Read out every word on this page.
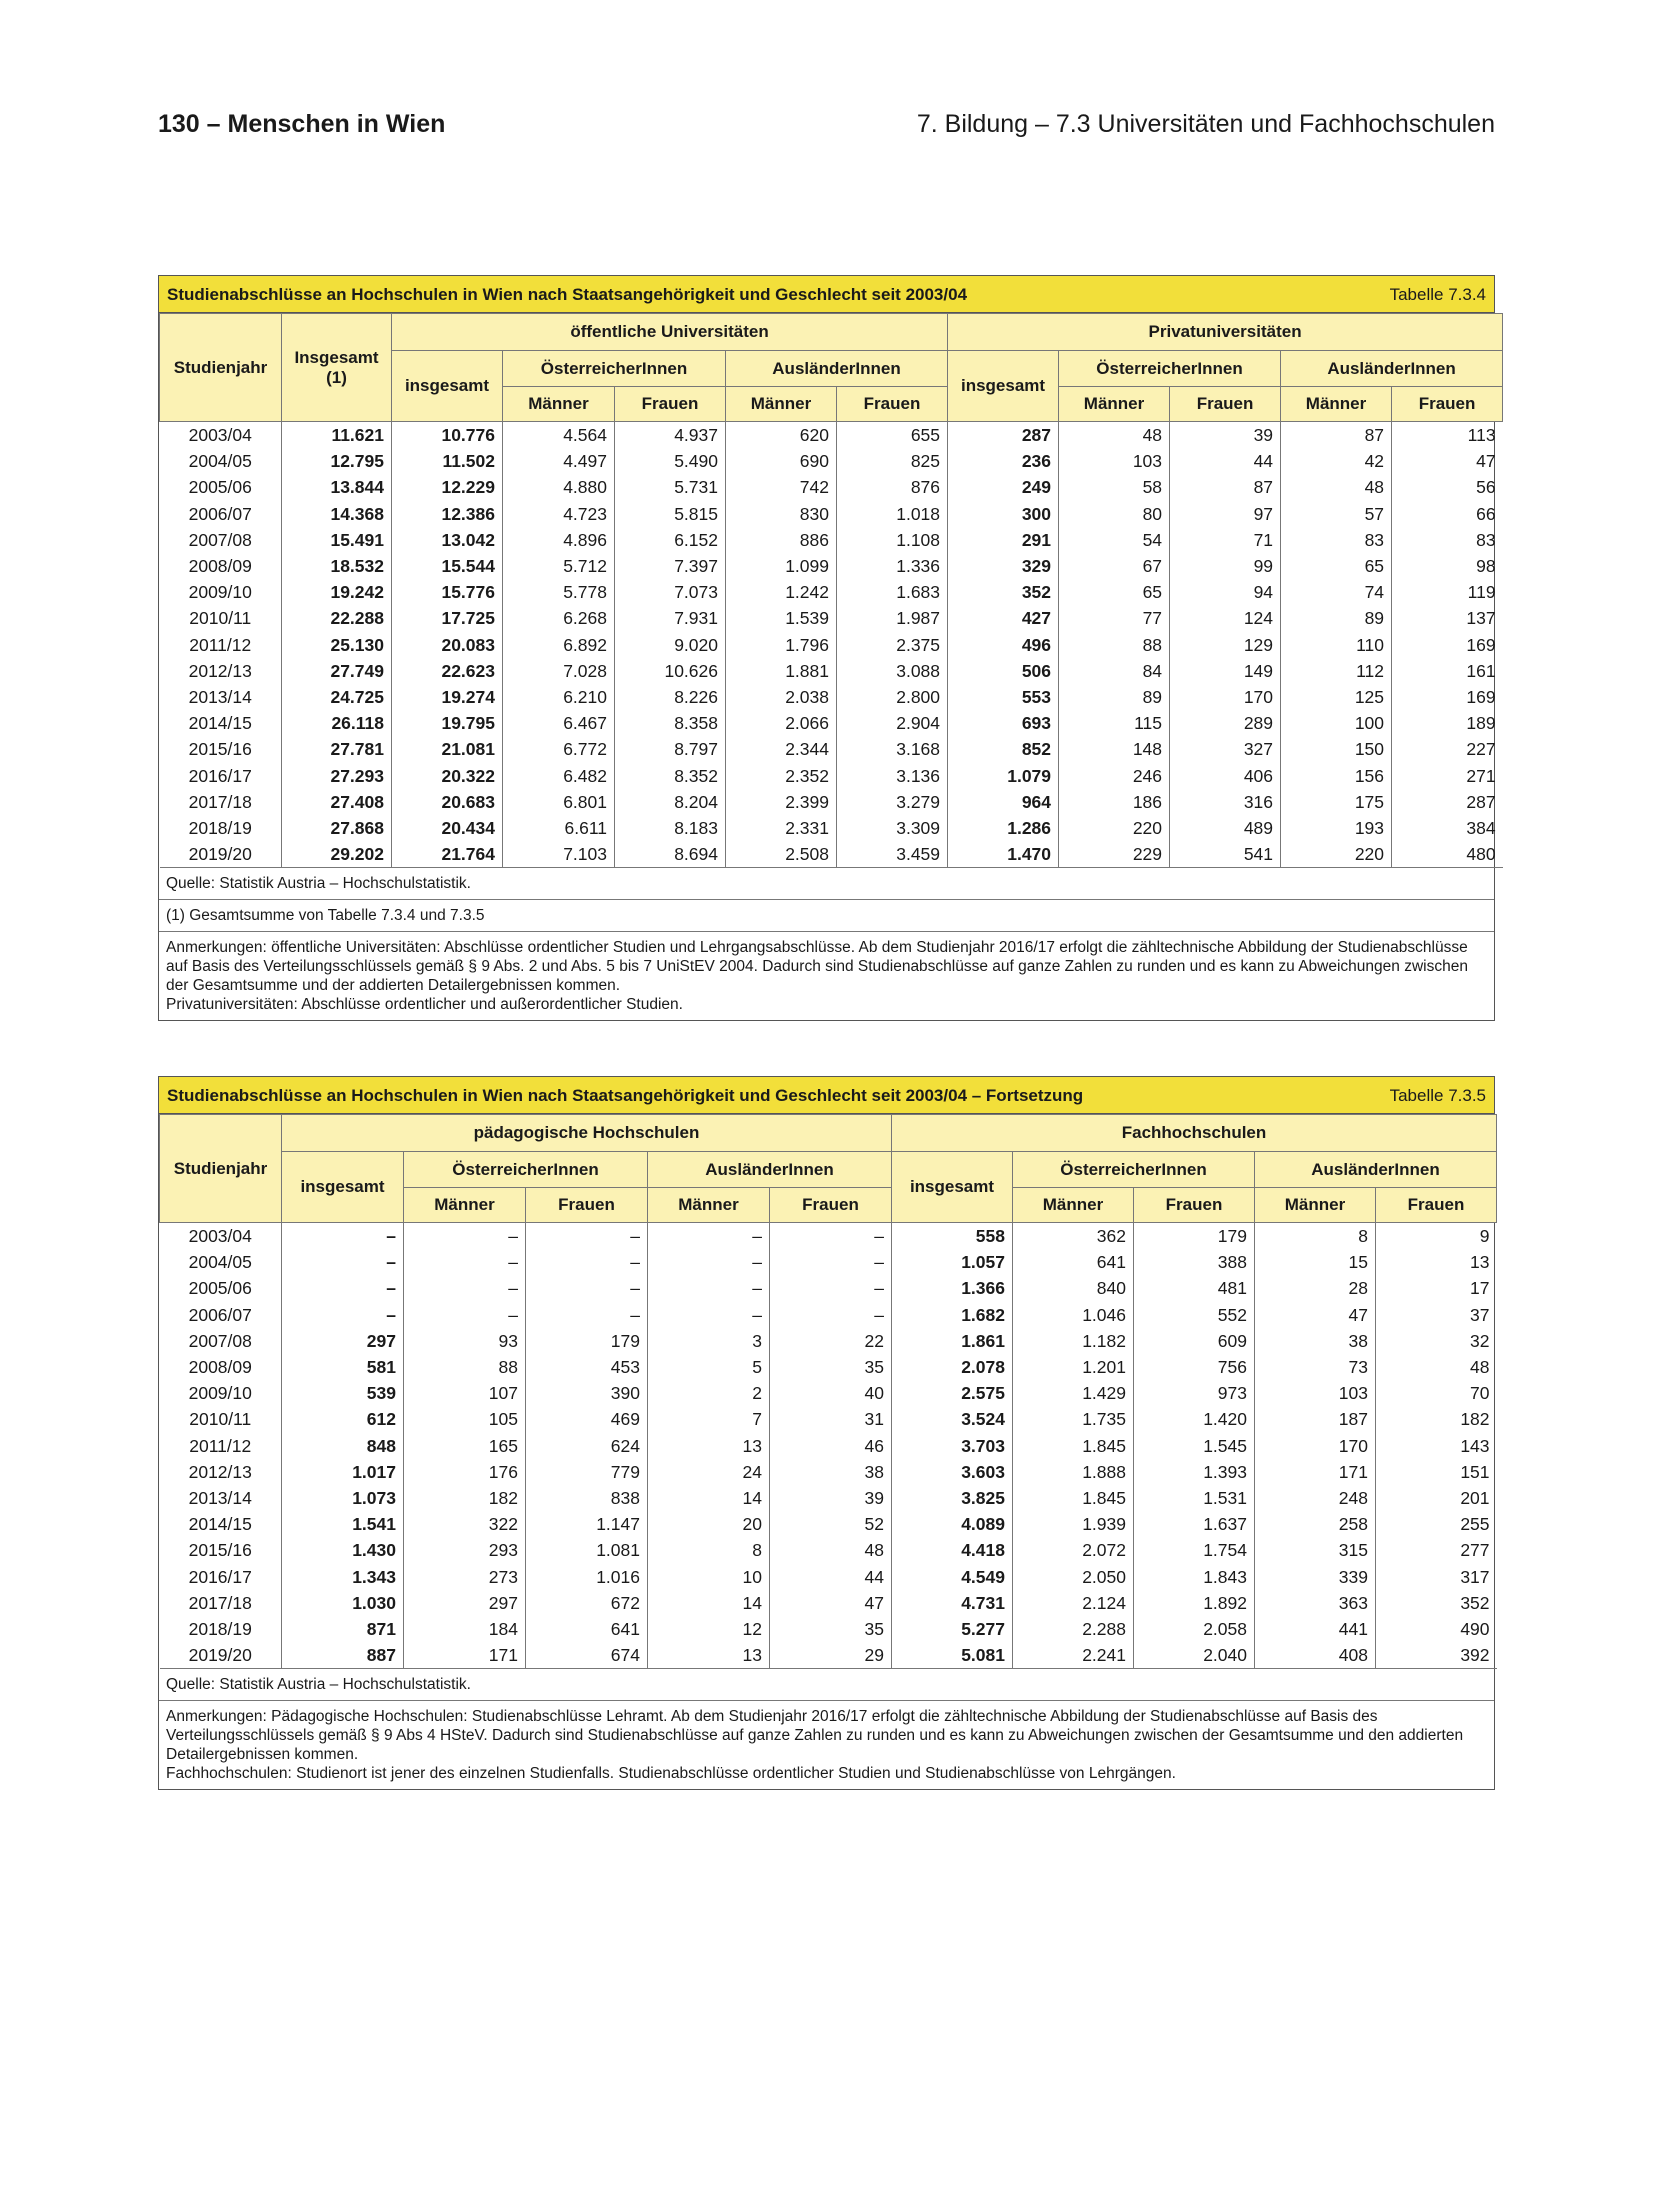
130 – Menschen in Wien	7. Bildung – 7.3 Universitäten und Fachhochschulen
Studienabschlüsse an Hochschulen in Wien nach Staatsangehörigkeit und Geschlecht seit 2003/04	Tabelle 7.3.4
Studienjahr	Insgesamt (1)	öffentliche Universitäten					Privatuniversitäten				
		insgesamt	ÖsterreicherInnen		AusländerInnen		insgesamt	ÖsterreicherInnen		AusländerInnen	
			Männer	Frauen	Männer	Frauen		Männer	Frauen	Männer	Frauen
2003/04	11.621	10.776	4.564	4.937	620	655	287	48	39	87	113
2004/05	12.795	11.502	4.497	5.490	690	825	236	103	44	42	47
2005/06	13.844	12.229	4.880	5.731	742	876	249	58	87	48	56
2006/07	14.368	12.386	4.723	5.815	830	1.018	300	80	97	57	66
2007/08	15.491	13.042	4.896	6.152	886	1.108	291	54	71	83	83
2008/09	18.532	15.544	5.712	7.397	1.099	1.336	329	67	99	65	98
2009/10	19.242	15.776	5.778	7.073	1.242	1.683	352	65	94	74	119
2010/11	22.288	17.725	6.268	7.931	1.539	1.987	427	77	124	89	137
2011/12	25.130	20.083	6.892	9.020	1.796	2.375	496	88	129	110	169
2012/13	27.749	22.623	7.028	10.626	1.881	3.088	506	84	149	112	161
2013/14	24.725	19.274	6.210	8.226	2.038	2.800	553	89	170	125	169
2014/15	26.118	19.795	6.467	8.358	2.066	2.904	693	115	289	100	189
2015/16	27.781	21.081	6.772	8.797	2.344	3.168	852	148	327	150	227
2016/17	27.293	20.322	6.482	8.352	2.352	3.136	1.079	246	406	156	271
2017/18	27.408	20.683	6.801	8.204	2.399	3.279	964	186	316	175	287
2018/19	27.868	20.434	6.611	8.183	2.331	3.309	1.286	220	489	193	384
2019/20	29.202	21.764	7.103	8.694	2.508	3.459	1.470	229	541	220	480

Quelle: Statistik Austria – Hochschulstatistik.

(1) Gesamtsumme von Tabelle 7.3.4 und 7.3.5

Anmerkungen: öffentliche Universitäten: Abschlüsse ordentlicher Studien und Lehrgangsabschlüsse. Ab dem Studienjahr 2016/17 erfolgt die zähltechnische Abbildung der Studienabschlüsse auf Basis des Verteilungsschlüssels gemäß § 9 Abs. 2 und Abs. 5 bis 7 UniStEV 2004. Dadurch sind Studienabschlüsse auf ganze Zahlen zu runden und es kann zu Abweichungen zwischen der Gesamtsumme und der addierten Detailergebnissen kommen.

Privatuniversitäten: Abschlüsse ordentlicher und außerordentlicher Studien.

Studienabschlüsse an Hochschulen in Wien nach Staatsangehörigkeit und Geschlecht seit 2003/04 – Fortsetzung	Tabelle 7.3.5
Studienjahr	pädagogische Hochschulen					Fachhochschulen				
	insgesamt	ÖsterreicherInnen		AusländerInnen		insgesamt	ÖsterreicherInnen		AusländerInnen	
		Männer	Frauen	Männer	Frauen		Männer	Frauen	Männer	Frauen
2003/04	–	–	–	–	–	558	362	179	8	9
2004/05	–	–	–	–	–	1.057	641	388	15	13
2005/06	–	–	–	–	–	1.366	840	481	28	17
2006/07	–	–	–	–	–	1.682	1.046	552	47	37
2007/08	297	93	179	3	22	1.861	1.182	609	38	32
2008/09	581	88	453	5	35	2.078	1.201	756	73	48
2009/10	539	107	390	2	40	2.575	1.429	973	103	70
2010/11	612	105	469	7	31	3.524	1.735	1.420	187	182
2011/12	848	165	624	13	46	3.703	1.845	1.545	170	143
2012/13	1.017	176	779	24	38	3.603	1.888	1.393	171	151
2013/14	1.073	182	838	14	39	3.825	1.845	1.531	248	201
2014/15	1.541	322	1.147	20	52	4.089	1.939	1.637	258	255
2015/16	1.430	293	1.081	8	48	4.418	2.072	1.754	315	277
2016/17	1.343	273	1.016	10	44	4.549	2.050	1.843	339	317
2017/18	1.030	297	672	14	47	4.731	2.124	1.892	363	352
2018/19	871	184	641	12	35	5.277	2.288	2.058	441	490
2019/20	887	171	674	13	29	5.081	2.241	2.040	408	392

Quelle: Statistik Austria – Hochschulstatistik.

Anmerkungen: Pädagogische Hochschulen: Studienabschlüsse Lehramt. Ab dem Studienjahr 2016/17 erfolgt die zähltechnische Abbildung der Studienabschlüsse auf Basis des Verteilungsschlüssels gemäß § 9 Abs 4 HSteV. Dadurch sind Studienabschlüsse auf ganze Zahlen zu runden und es kann zu Abweichungen zwischen der Gesamtsumme und den addierten Detailergebnissen kommen.

Fachhochschulen: Studienort ist jener des einzelnen Studienfalls. Studienabschlüsse ordentlicher Studien und Studienabschlüsse von Lehrgängen.
